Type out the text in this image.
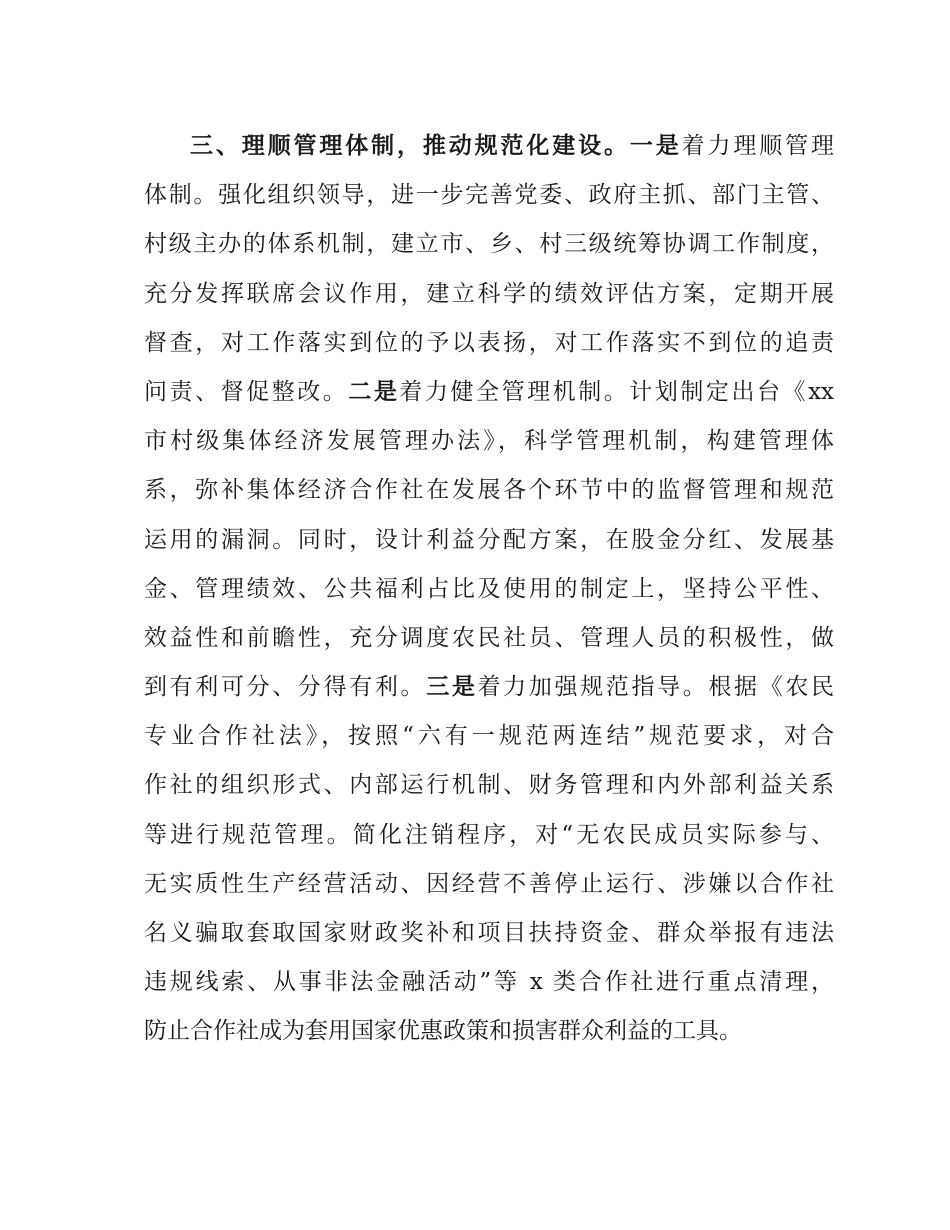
三、理顺管理体制，推动规范化建设。一是着力理顺管理
体制。强化组织领导，进一步完善党委、政府主抓、部门主管、
村级主办的体系机制，建立市、乡、村三级统筹协调工作制度，
充分发挥联席会议作用，建立科学的绩效评估方案，定期开展
督查，对工作落实到位的予以表扬，对工作落实不到位的追责
问责、督促整改。二是着力健全管理机制。计划制定出台《xx
市村级集体经济发展管理办法》，科学管理机制，构建管理体
系，弥补集体经济合作社在发展各个环节中的监督管理和规范
运用的漏洞。同时，设计利益分配方案，在股金分红、发展基
金、管理绩效、公共福利占比及使用的制定上，坚持公平性、
效益性和前瞻性，充分调度农民社员、管理人员的积极性，做
到有利可分、分得有利。三是着力加强规范指导。根据《农民
专业合作社法》，按照“六有一规范两连结”规范要求，对合
作社的组织形式、内部运行机制、财务管理和内外部利益关系
等进行规范管理。简化注销程序，对“无农民成员实际参与、
无实质性生产经营活动、因经营不善停止运行、涉嫌以合作社
名义骗取套取国家财政奖补和项目扶持资金、群众举报有违法
违规线索、从事非法金融活动”等 x 类合作社进行重点清理，
防止合作社成为套用国家优惠政策和损害群众利益的工具。
